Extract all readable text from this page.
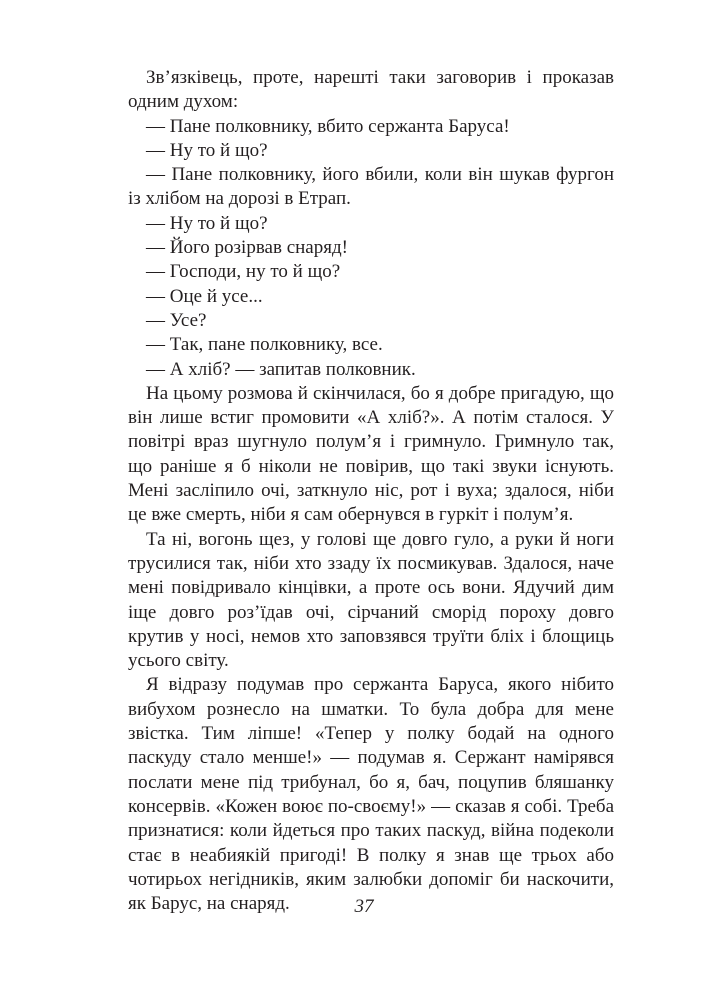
Зв’язківець, проте, нарешті таки заговорив і проказав одним духом:

— Пане полковнику, вбито сержанта Баруса!

— Ну то й що?

— Пане полковнику, його вбили, коли він шукав фургон із хлібом на дорозі в Етрап.

— Ну то й що?

— Його розірвав снаряд!

— Господи, ну то й що?

— Оце й усе...

— Усе?

— Так, пане полковнику, все.

— А хліб? — запитав полковник.

На цьому розмова й скінчилася, бо я добре пригадую, що він лише встиг промовити «А хліб?». А потім сталося. У повітрі враз шугнуло полум’я і гримнуло. Гримнуло так, що раніше я б ніколи не повірив, що такі звуки існують. Мені засліпило очі, заткнуло ніс, рот і вуха; здалося, ніби це вже смерть, ніби я сам обернувся в гуркіт і полум’я.

Та ні, вогонь щез, у голові ще довго гуло, а руки й ноги трусилися так, ніби хто ззаду їх посмикував. Здалося, наче мені повідривало кінцівки, а проте ось вони. Ядучий дим іще довго роз’їдав очі, сірчаний сморід пороху довго крутив у носі, немов хто заповзявся труїти бліх і блощиць усього світу.

Я відразу подумав про сержанта Баруса, якого нібито вибухом рознесло на шматки. То була добра для мене звістка. Тим ліпше! «Тепер у полку бодай на одного паскуду стало менше!» — подумав я. Сержант намірявся послати мене під трибунал, бо я, бач, поцупив бляшанку консервів. «Кожен воює по-своєму!» — сказав я собі. Треба признатися: коли йдеться про таких паскуд, війна подеколи стає в неабиякій пригоді! В полку я знав ще трьох або чотирьох негідників, яким залюбки допоміг би наскочити, як Барус, на снаряд.	37
